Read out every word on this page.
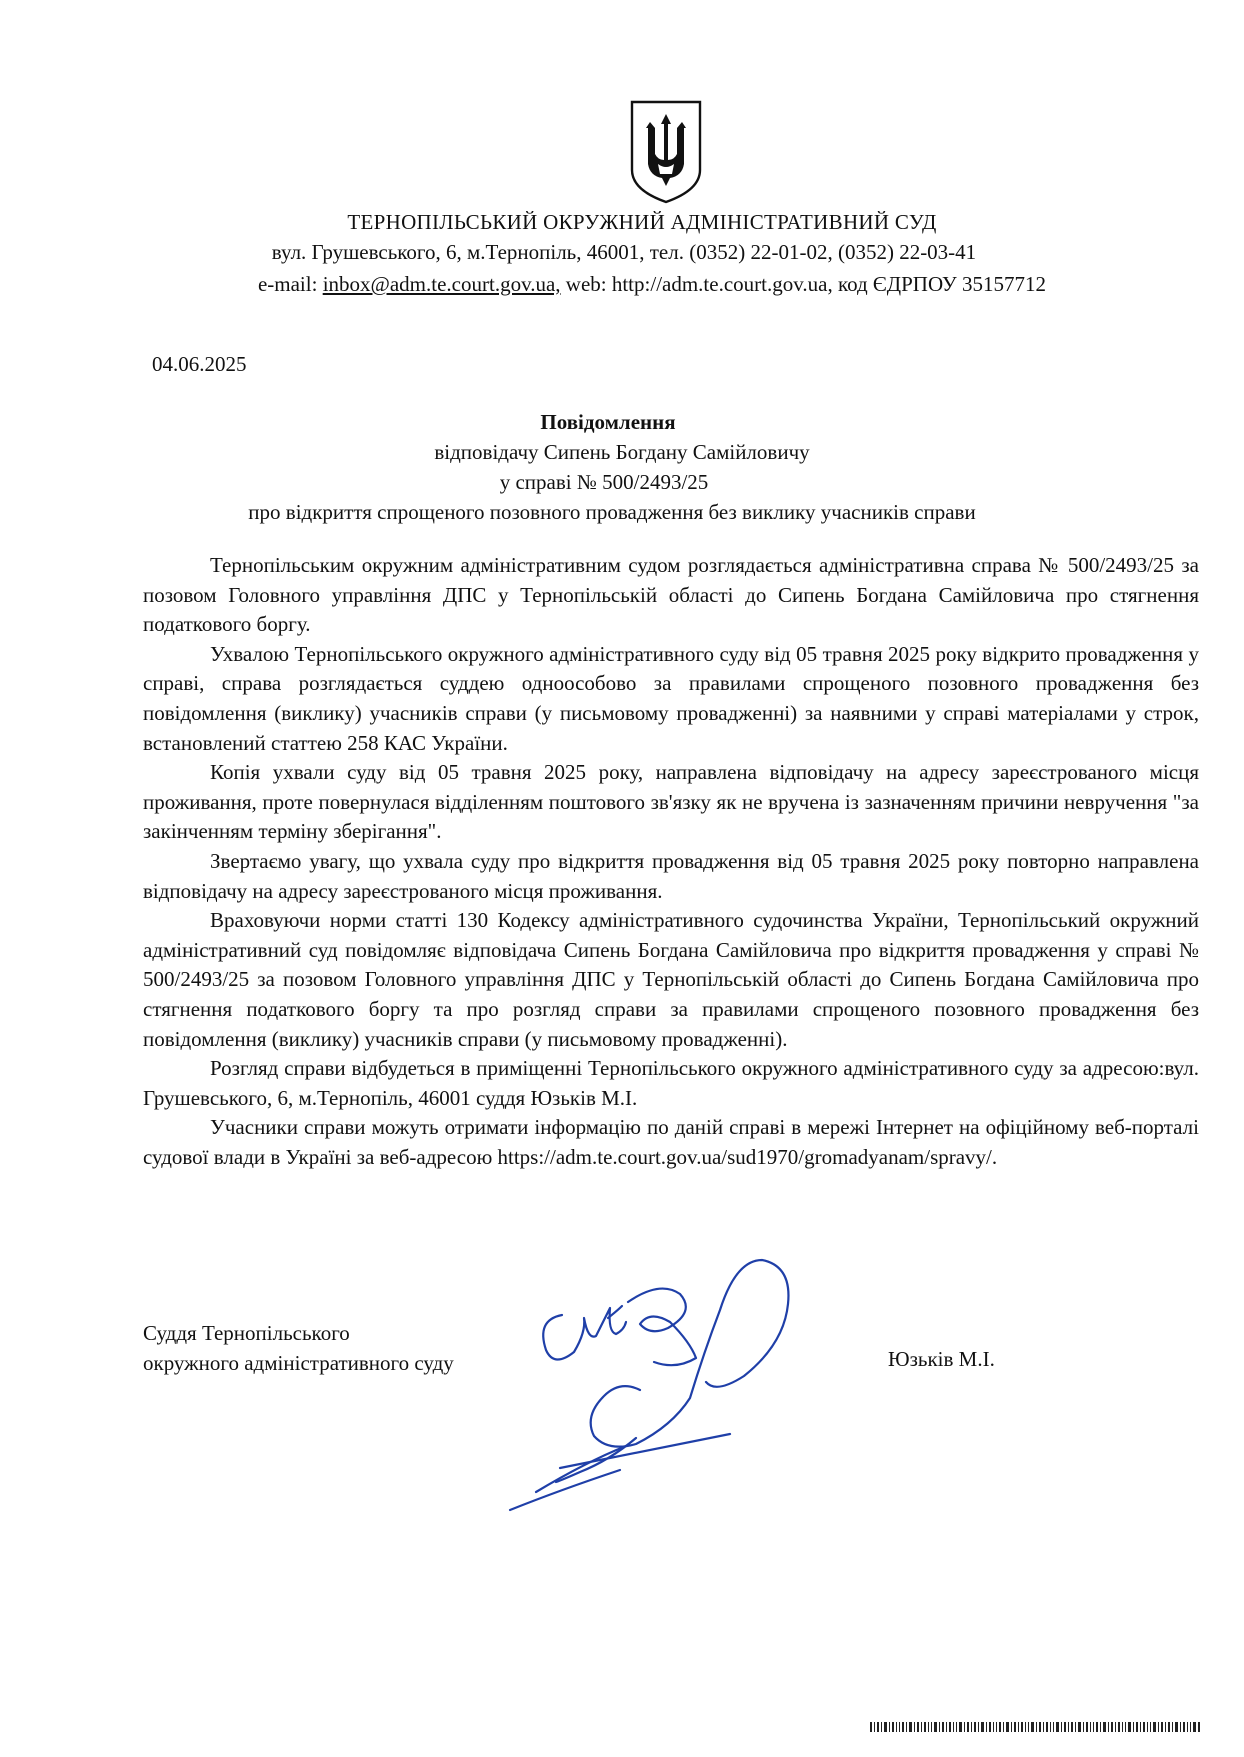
ТЕРНОПІЛЬСЬКИЙ ОКРУЖНИЙ АДМІНІСТРАТИВНИЙ СУД
вул. Грушевського, 6, м.Тернопіль, 46001, тел. (0352) 22-01-02, (0352) 22-03-41
e-mail: inbox@adm.te.court.gov.ua, web: http://adm.te.court.gov.ua, код ЄДРПОУ 35157712
04.06.2025
Повідомлення
відповідачу Сипень Богдану Самійловичу
у справі № 500/2493/25
про відкриття спрощеного позовного провадження без виклику учасників справи

Тернопільським окружним адміністративним судом розглядається адміністративна справа № 500/2493/25 за позовом Головного управління ДПС у Тернопільській області до Сипень Богдана Самійловича про стягнення податкового боргу.

Ухвалою Тернопільського окружного адміністративного суду від 05 травня 2025 року відкрито провадження у справі, справа розглядається суддею одноособово за правилами спрощеного позовного провадження без повідомлення (виклику) учасників справи (у письмовому провадженні) за наявними у справі матеріалами у строк, встановлений статтею 258 КАС України.

Копія ухвали суду від 05 травня 2025 року, направлена відповідачу на адресу зареєстрованого місця проживання, проте повернулася відділенням поштового зв'язку як не вручена із зазначенням причини невручення "за закінченням терміну зберігання".

Звертаємо увагу, що ухвала суду про відкриття провадження від 05 травня 2025 року повторно направлена відповідачу на адресу зареєстрованого місця проживання.

Враховуючи норми статті 130 Кодексу адміністративного судочинства України, Тернопільський окружний адміністративний суд повідомляє відповідача Сипень Богдана Самійловича про відкриття провадження у справі № 500/2493/25 за позовом Головного управління ДПС у Тернопільській області до Сипень Богдана Самійловича про стягнення податкового боргу та про розгляд справи за правилами спрощеного позовного провадження без повідомлення (виклику) учасників справи (у письмовому провадженні).

Розгляд справи відбудеться в приміщенні Тернопільського окружного адміністративного суду за адресою:вул. Грушевського, 6, м.Тернопіль, 46001 суддя Юзьків М.І.

Учасники справи можуть отримати інформацію по даній справі в мережі Інтернет на офіційному веб-порталі судової влади в Україні за веб-адресою https://adm.te.court.gov.ua/sud1970/gromadyanam/spravy/.

Суддя Тернопільського
окружного адміністративного суду	Юзьків М.І.
